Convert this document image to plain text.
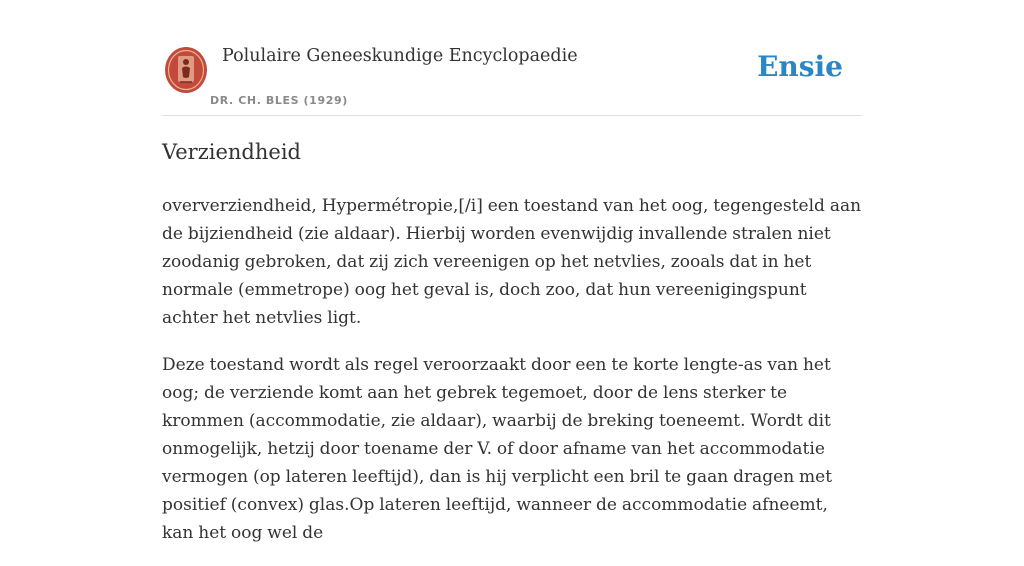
Polulaire Geneeskundige Encyclopaedie
DR. CH. BLES (1929)
Ensie
Verziendheid

oververziendheid, Hypermétropie,[/i] een toestand van het oog, tegengesteld aan de bijziendheid (zie aldaar). Hierbij worden evenwijdig invallende stralen niet zoodanig gebroken, dat zij zich vereenigen op het netvlies, zooals dat in het normale (emmetrope) oog het geval is, doch zoo, dat hun vereenigingspunt achter het netvlies ligt.

Deze toestand wordt als regel veroorzaakt door een te korte lengte-as van het oog; de verziende komt aan het gebrek tegemoet, door de lens sterker te krommen (accommodatie, zie aldaar), waarbij de breking toeneemt. Wordt dit onmogelijk, hetzij door toename der V. of door afname van het accommodatie vermogen (op lateren leeftijd), dan is hij verplicht een bril te gaan dragen met positief (convex) glas.Op lateren leeftijd, wanneer de accommodatie afneemt, kan het oog wel de
